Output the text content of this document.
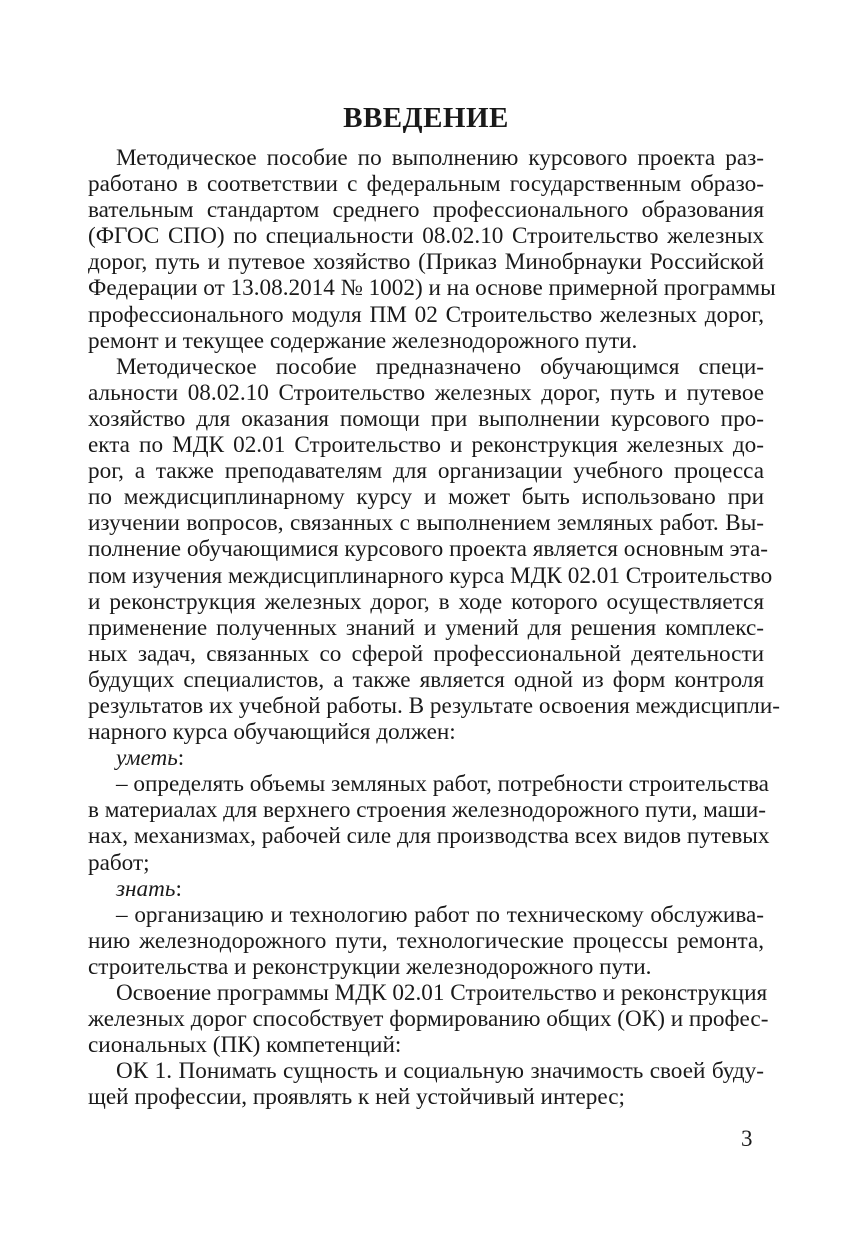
ВВЕДЕНИЕ
Методическое пособие по выполнению курсового проекта раз-
работано в соответствии с федеральным государственным образо-
вательным стандартом среднего профессионального образования
(ФГОС СПО) по специальности 08.02.10 Строительство железных
дорог, путь и путевое хозяйство (Приказ Минобрнауки Российской
Федерации от 13.08.2014 № 1002) и на основе примерной программы
профессионального модуля ПМ 02 Строительство железных дорог,
ремонт и текущее содержание железнодорожного пути.
Методическое пособие предназначено обучающимся специ-
альности 08.02.10 Строительство железных дорог, путь и путевое
хозяйство для оказания помощи при выполнении курсового про-
екта по МДК 02.01 Строительство и реконструкция железных до-
рог, а также преподавателям для организации учебного процесса
по междисциплинарному курсу и может быть использовано при
изучении вопросов, связанных с выполнением земляных работ. Вы-
полнение обучающимися курсового проекта является основным эта-
пом изучения междисциплинарного курса МДК 02.01 Строительство
и реконструкция железных дорог, в ходе которого осуществляется
применение полученных знаний и умений для решения комплекс-
ных задач, связанных со сферой профессиональной деятельности
будущих специалистов, а также является одной из форм контроля
результатов их учебной работы. В результате освоения междисципли-
нарного курса обучающийся должен:
уметь:
– определять объемы земляных работ, потребности строительства
в материалах для верхнего строения железнодорожного пути, маши-
нах, механизмах, рабочей силе для производства всех видов путевых
работ;
знать:
– организацию и технологию работ по техническому обслужива-
нию железнодорожного пути, технологические процессы ремонта,
строительства и реконструкции железнодорожного пути.
Освоение программы МДК 02.01 Строительство и реконструкция
железных дорог способствует формированию общих (ОК) и профес-
сиональных (ПК) компетенций:
ОК 1. Понимать сущность и социальную значимость своей буду-
щей профессии, проявлять к ней устойчивый интерес;
3
